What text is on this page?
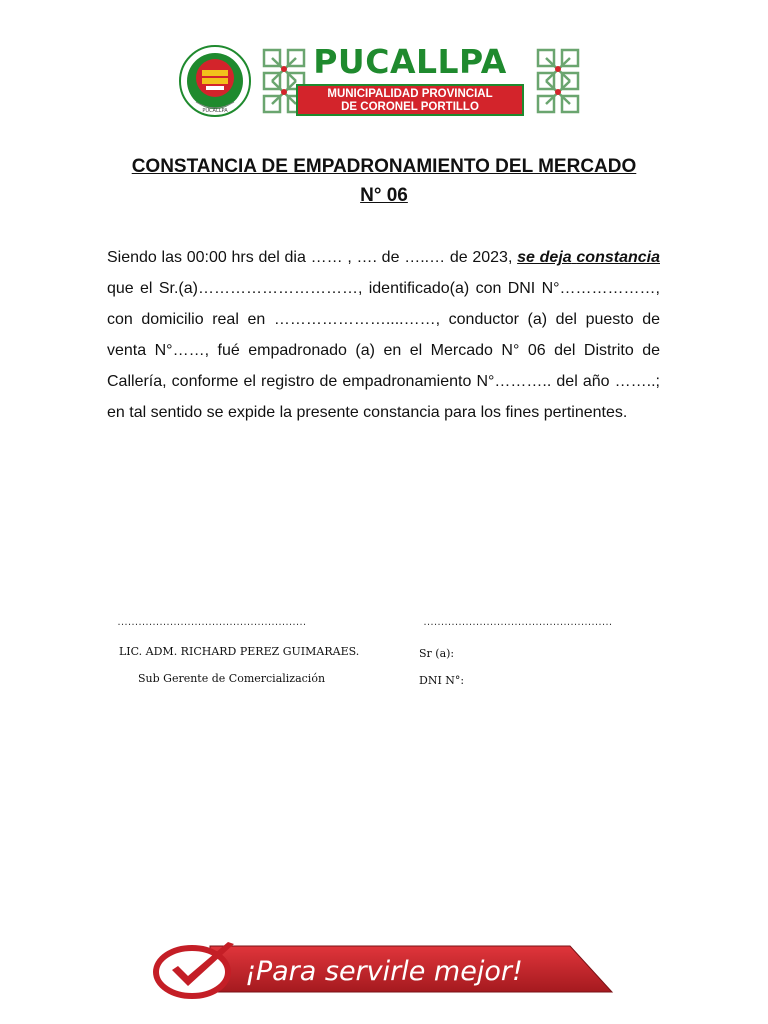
PUCALLPA
PUCALLPA
MUNICIPALIDAD PROVINCIAL
DE CORONEL PORTILLO
CONSTANCIA DE EMPADRONAMIENTO DEL MERCADO
N° 06
Siendo las 00:00 hrs del dia …… , …. de …..… de 2023, se deja constancia que el Sr.(a)…………………………, identificado(a) con DNI N°………………, con domicilio real en …………………....……, conductor (a) del puesto de venta N°……, fué empadronado (a) en el Mercado N° 06 del Distrito de Callería, conforme el registro de empadronamiento N°……….. del año ……..; en tal sentido se expide la presente constancia para los fines pertinentes.
………………………………………………	………………………………………………
LIC. ADM. RICHARD PEREZ GUIMARAES.
Sub Gerente de Comercialización
Sr (a):
DNI N°:
¡Para servirle mejor!
